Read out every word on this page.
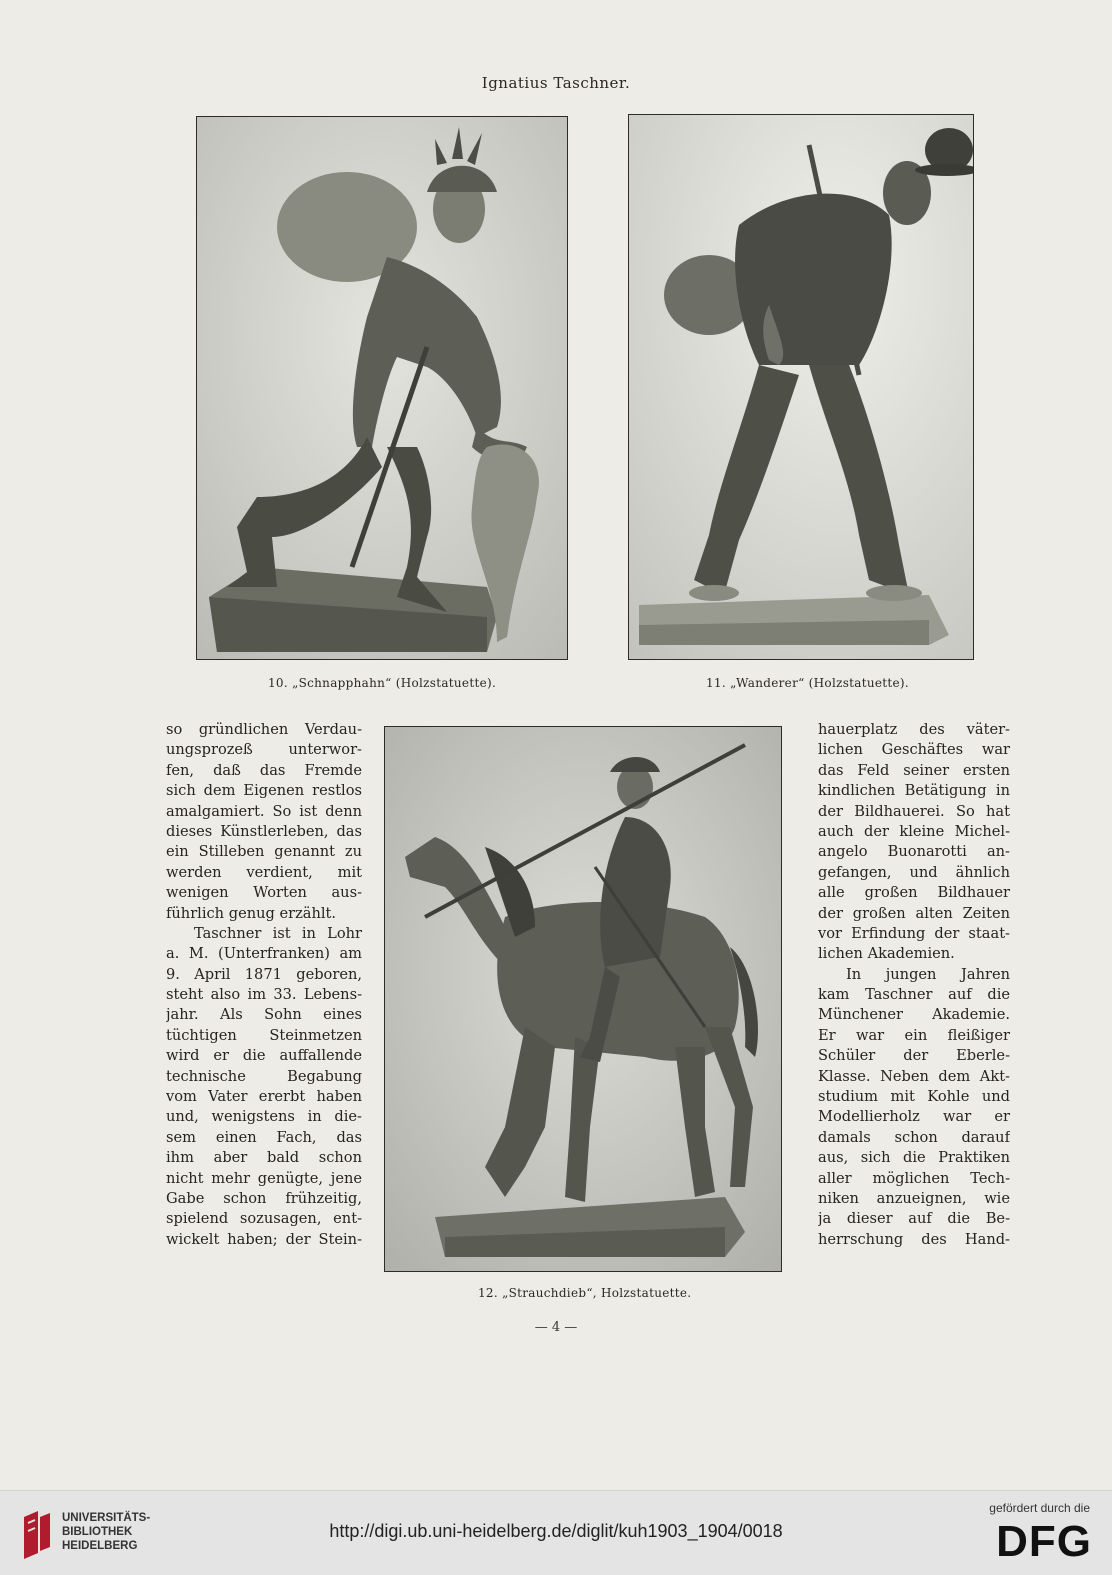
Ignatius Taschner.
10. „Schnapphahn“ (Holzstatuette).	11. „Wanderer“ (Holzstatuette).
12. „Strauchdieb“, Holzstatuette.
so gründlichen Verdau-
ungsprozeß unterwor-
fen, daß das Fremde
sich dem Eigenen restlos
amalgamiert. So ist denn
dieses Künstlerleben, das
ein Stilleben genannt zu
werden verdient, mit
wenigen Worten aus-
führlich genug erzählt.
Taschner ist in Lohr
a. M. (Unterfranken) am
9. April 1871 geboren,
steht also im 33. Lebens-
jahr. Als Sohn eines
tüchtigen Steinmetzen
wird er die auffallende
technische Begabung
vom Vater ererbt haben
und, wenigstens in die-
sem einen Fach, das
ihm aber bald schon
nicht mehr genügte, jene
Gabe schon frühzeitig,
spielend sozusagen, ent-
wickelt haben; der Stein-
hauerplatz des väter-
lichen Geschäftes war
das Feld seiner ersten
kindlichen Betätigung in
der Bildhauerei. So hat
auch der kleine Michel-
angelo Buonarotti an-
gefangen, und ähnlich
alle großen Bildhauer
der großen alten Zeiten
vor Erfindung der staat-
lichen Akademien.
In jungen Jahren
kam Taschner auf die
Münchener Akademie.
Er war ein fleißiger
Schüler der Eberle-
Klasse. Neben dem Akt-
studium mit Kohle und
Modellierholz war er
damals schon darauf
aus, sich die Praktiken
aller möglichen Tech-
niken anzueignen, wie
ja dieser auf die Be-
herrschung des Hand-
— 4 —
UNIVERSITÄTS-
BIBLIOTHEK
HEIDELBERG
http://digi.ub.uni-heidelberg.de/diglit/kuh1903_1904/0018
gefördert durch die
DFG
